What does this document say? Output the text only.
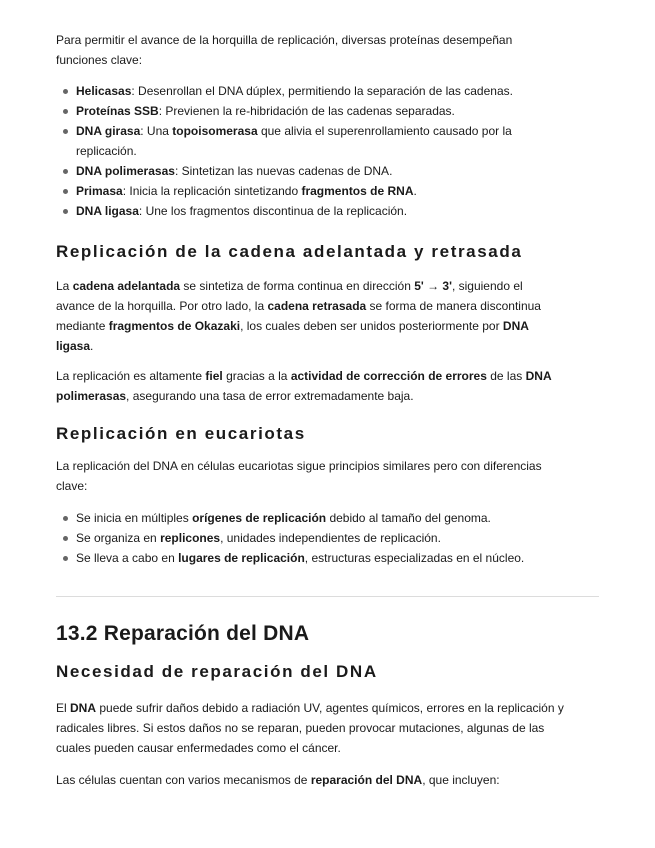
Para permitir el avance de la horquilla de replicación, diversas proteínas desempeñan
funciones clave:

Helicasas: Desenrollan el DNA dúplex, permitiendo la separación de las cadenas.
Proteínas SSB: Previenen la re-hibridación de las cadenas separadas.
DNA girasa: Una topoisomerasa que alivia el superenrollamiento causado por la
replicación.
DNA polimerasas: Sintetizan las nuevas cadenas de DNA.
Primasa: Inicia la replicación sintetizando fragmentos de RNA.
DNA ligasa: Une los fragmentos discontinua de la replicación.
Replicación de la cadena adelantada y retrasada

La cadena adelantada se sintetiza de forma continua en dirección 5' → 3', siguiendo el
avance de la horquilla. Por otro lado, la cadena retrasada se forma de manera discontinua
mediante fragmentos de Okazaki, los cuales deben ser unidos posteriormente por DNA
ligasa.

La replicación es altamente fiel gracias a la actividad de corrección de errores de las DNA
polimerasas, asegurando una tasa de error extremadamente baja.

Replicación en eucariotas

La replicación del DNA en células eucariotas sigue principios similares pero con diferencias
clave:

Se inicia en múltiples orígenes de replicación debido al tamaño del genoma.
Se organiza en replicones, unidades independientes de replicación.
Se lleva a cabo en lugares de replicación, estructuras especializadas en el núcleo.
13.2 Reparación del DNA
Necesidad de reparación del DNA

El DNA puede sufrir daños debido a radiación UV, agentes químicos, errores en la replicación y
radicales libres. Si estos daños no se reparan, pueden provocar mutaciones, algunas de las
cuales pueden causar enfermedades como el cáncer.

Las células cuentan con varios mecanismos de reparación del DNA, que incluyen:
